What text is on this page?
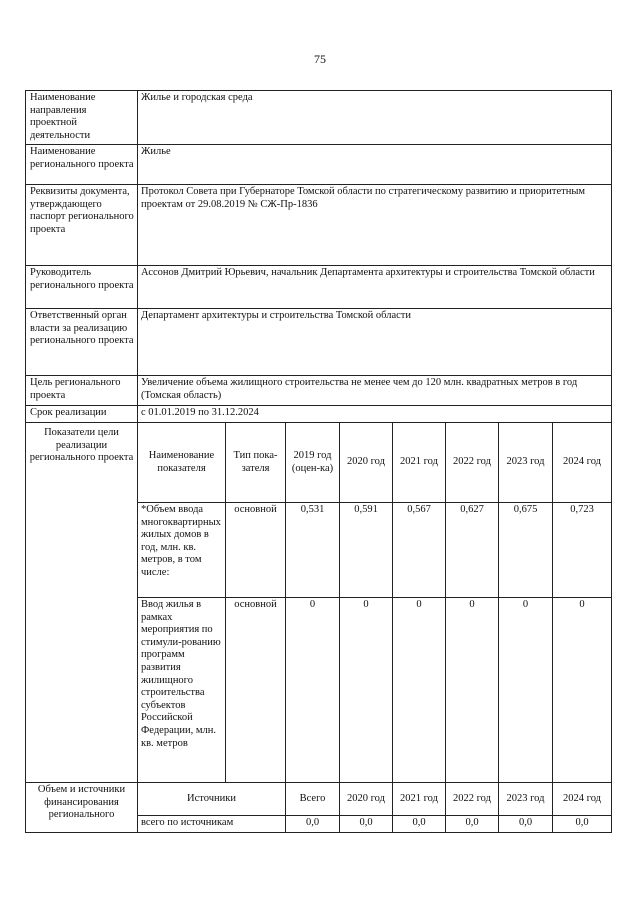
75
Наименование направления проектной деятельности	Жилье и городская среда							
Наименование регионального проекта	Жилье							
Реквизиты документа, утверждающего паспорт регионального проекта	Протокол Совета при Губернаторе Томской области по стратегическому развитию и приоритетным проектам от 29.08.2019 № СЖ-Пр-1836							
Руководитель регионального проекта	Ассонов Дмитрий Юрьевич, начальник Департамента архитектуры и строительства Томской области							
Ответственный орган власти за реализацию регионального проекта	Департамент архитектуры и строительства Томской области							
Цель регионального проекта	Увеличение объема жилищного строительства не менее чем до 120 млн. квадратных метров в год (Томская область)							
Срок реализации	с 01.01.2019 по 31.12.2024							
Показатели цели реализации регионального проекта	Наименование показателя	Тип пока-зателя	2019 год (оцен-ка)	2020 год	2021 год	2022 год	2023 год	2024 год
	*Объем ввода многоквартирных жилых домов в год, млн. кв. метров, в том числе:	основной	0,531	0,591	0,567	0,627	0,675	0,723
	Ввод жилья в рамках мероприятия по стимули-рованию программ развития жилищного строительства субъектов Российской Федерации, млн. кв. метров	основной	0	0	0	0	0	0
Объем и источники финансирования регионального	Источники		Всего	2020 год	2021 год	2022 год	2023 год	2024 год
	всего по источникам		0,0	0,0	0,0	0,0	0,0	0,0
